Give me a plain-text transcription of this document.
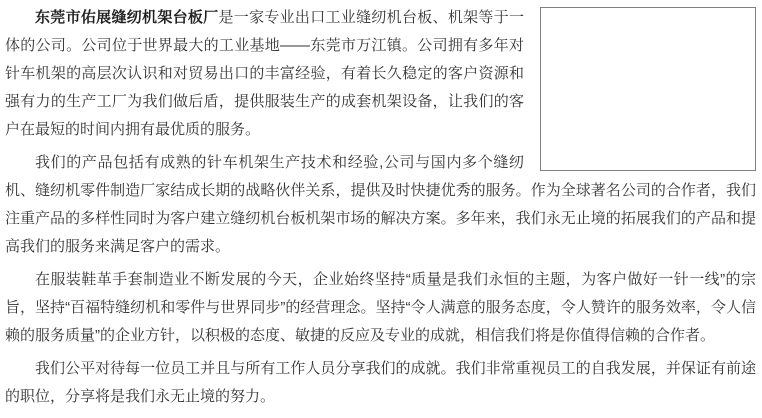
东莞市佑展缝纫机架台板厂是一家专业出口工业缝纫机台板、机架等于一体的公司。公司位于世界最大的工业基地——东莞市万江镇。公司拥有多年对针车机架的高层次认识和对贸易出口的丰富经验，有着长久稳定的客户资源和强有力的生产工厂为我们做后盾，提供服装生产的成套机架设备，让我们的客户在最短的时间内拥有最优质的服务。

我们的产品包括有成熟的针车机架生产技术和经验,公司与国内多个缝纫机、缝纫机零件制造厂家结成长期的战略伙伴关系，提供及时快捷优秀的服务。作为全球著名公司的合作者，我们注重产品的多样性同时为客户建立缝纫机台板机架市场的解决方案。多年来，我们永无止境的拓展我们的产品和提高我们的服务来满足客户的需求。

在服装鞋革手套制造业不断发展的今天，企业始终坚持“质量是我们永恒的主题，为客户做好一针一线”的宗旨，坚持“百福特缝纫机和零件与世界同步”的经营理念。坚持“令人满意的服务态度，令人赞许的服务效率，令人信赖的服务质量”的企业方针，以积极的态度、敏捷的反应及专业的成就，相信我们将是你值得信赖的合作者。

我们公平对待每一位员工并且与所有工作人员分享我们的成就。我们非常重视员工的自我发展，并保证有前途的职位，分享将是我们永无止境的努力。
